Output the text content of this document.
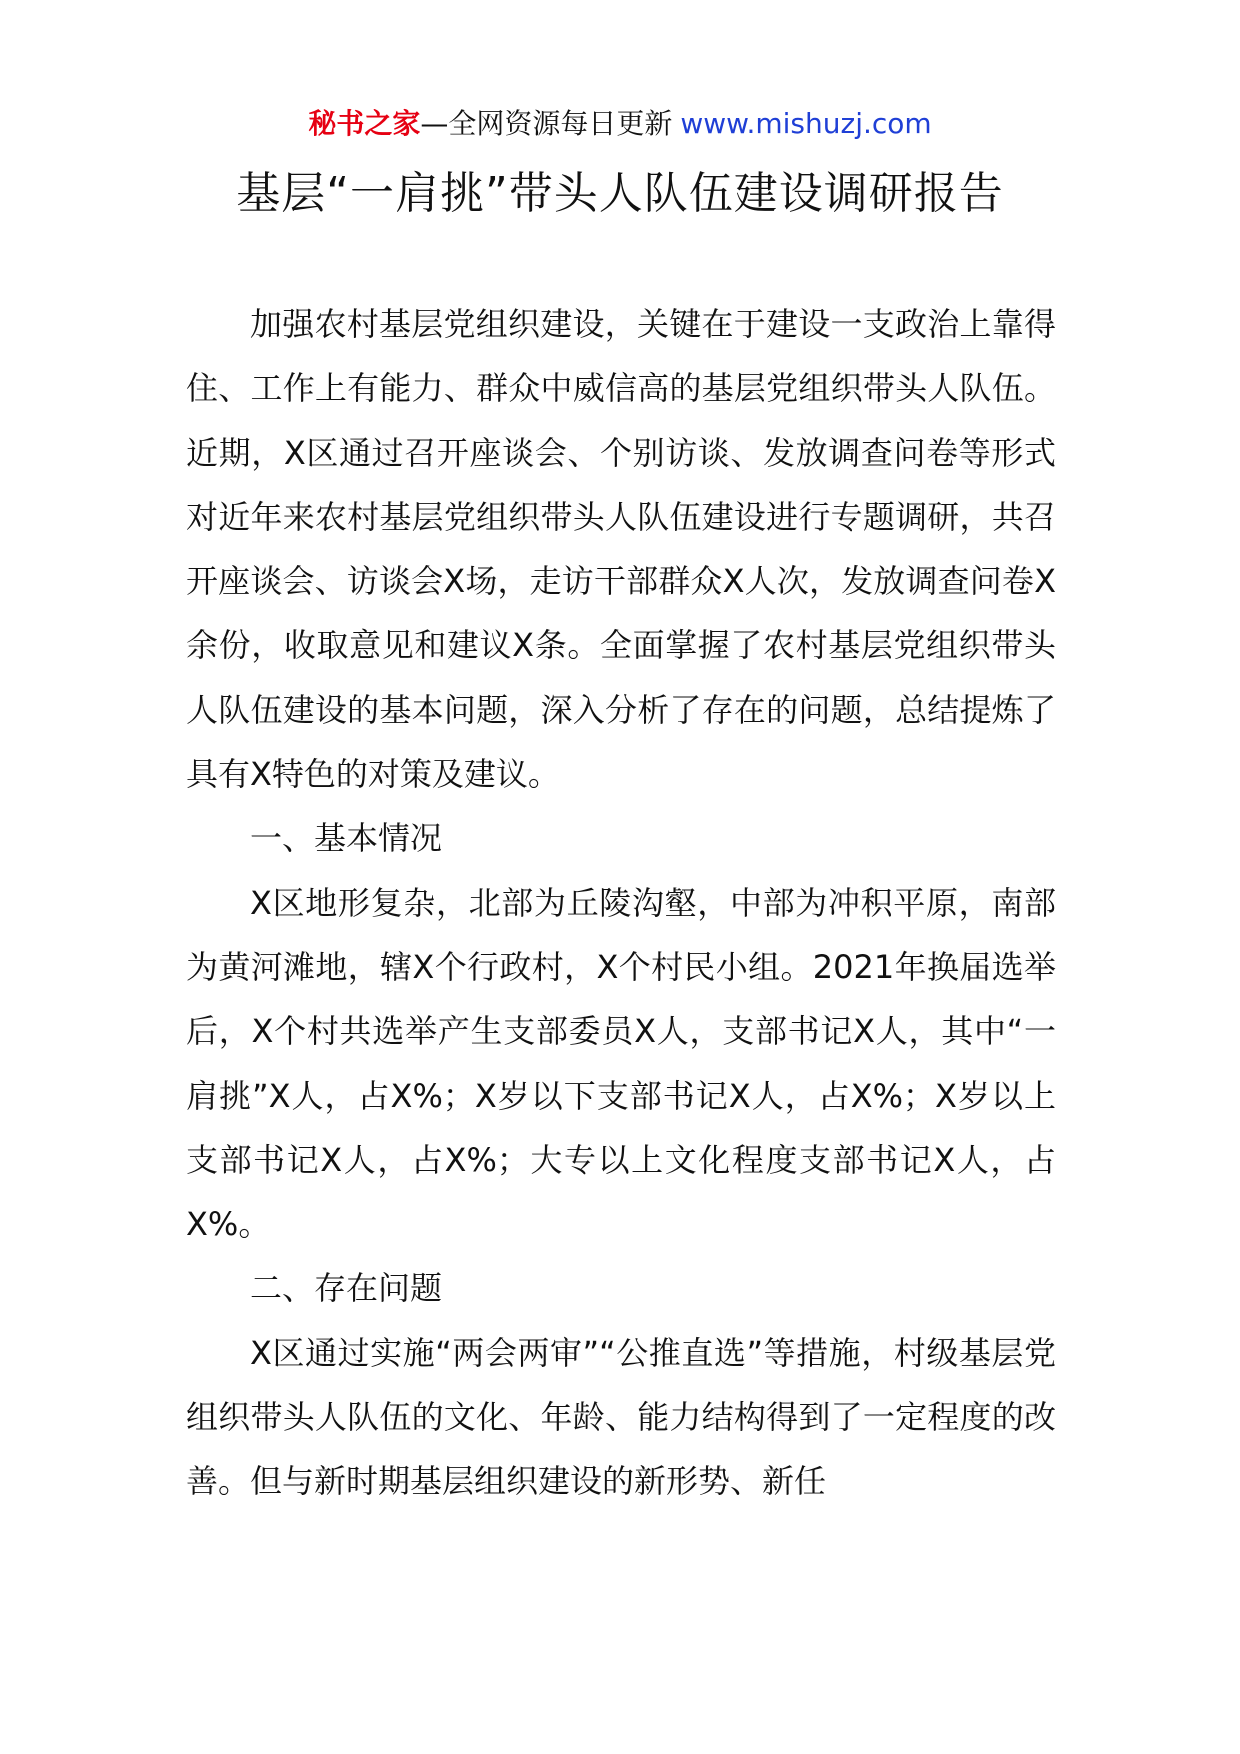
秘书之家—全网资源每日更新 www.mishuzj.com
基层“一肩挑”带头人队伍建设调研报告

加强农村基层党组织建设，关键在于建设一支政治上靠得住、工作上有能力、群众中威信高的基层党组织带头人队伍。近期，X区通过召开座谈会、个别访谈、发放调查问卷等形式对近年来农村基层党组织带头人队伍建设进行专题调研，共召开座谈会、访谈会X场，走访干部群众X人次，发放调查问卷X余份，收取意见和建议X条。全面掌握了农村基层党组织带头人队伍建设的基本问题，深入分析了存在的问题，总结提炼了具有X特色的对策及建议。

一、基本情况

X区地形复杂，北部为丘陵沟壑，中部为冲积平原，南部为黄河滩地，辖X个行政村，X个村民小组。2021年换届选举后，X个村共选举产生支部委员X人，支部书记X人，其中“一肩挑”X人，占X%；X岁以下支部书记X人，占X%；X岁以上支部书记X人，占X%；大专以上文化程度支部书记X人，占X%。

二、存在问题

X区通过实施“两会两审”“公推直选”等措施，村级基层党组织带头人队伍的文化、年龄、能力结构得到了一定程度的改善。但与新时期基层组织建设的新形势、新任
